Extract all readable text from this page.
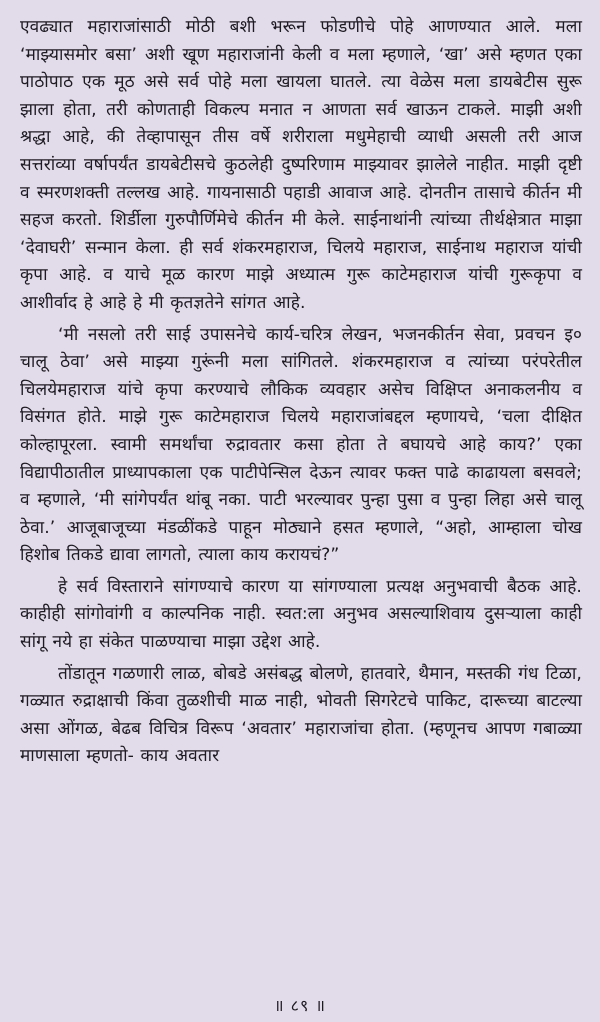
एवढ्यात महाराजांसाठी मोठी बशी भरून फोडणीचे पोहे आणण्यात आले. मला ‘माझ्यासमोर बसा’ अशी खूण महाराजांनी केली व मला म्हणाले, ‘खा’ असे म्हणत एका पाठोपाठ एक मूठ असे सर्व पोहे मला खायला घातले. त्या वेळेस मला डायबेटीस सुरू झाला होता, तरी कोणताही विकल्प मनात न आणता सर्व खाऊन टाकले. माझी अशी श्रद्धा आहे, की तेव्हापासून तीस वर्षे शरीराला मधुमेहाची व्याधी असली तरी आज सत्तरांव्या वर्षापर्यंत डायबेटीसचे कुठलेही दुष्परिणाम माझ्यावर झालेले नाहीत. माझी दृष्टी व स्मरणशक्ती तल्लख आहे. गायनासाठी पहाडी आवाज आहे. दोनतीन तासाचे कीर्तन मी सहज करतो. शिर्डीला गुरुपौर्णिमेचे कीर्तन मी केले. साईनाथांनी त्यांच्या तीर्थक्षेत्रात माझा ‘देवाघरी’ सन्मान केला. ही सर्व शंकरमहाराज, चिलये महाराज, साईनाथ महाराज यांची कृपा आहे. व याचे मूळ कारण माझे अध्यात्म गुरू काटेमहाराज यांची गुरूकृपा व आशीर्वाद हे आहे हे मी कृतज्ञतेने सांगत आहे.

‘मी नसलो तरी साई उपासनेचे कार्य-चरित्र लेखन, भजनकीर्तन सेवा, प्रवचन इ० चालू ठेवा’ असे माझ्या गुरूंनी मला सांगितले. शंकरमहाराज व त्यांच्या परंपरेतील चिलयेमहाराज यांचे कृपा करण्याचे लौकिक व्यवहार असेच विक्षिप्त अनाकलनीय व विसंगत होते. माझे गुरू काटेमहाराज चिलये महाराजांबद्दल म्हणायचे, ‘चला दीक्षित कोल्हापूरला. स्वामी समर्थांचा रुद्रावतार कसा होता ते बघायचे आहे काय?’ एका विद्यापीठातील प्राध्यापकाला एक पाटीपेन्सिल देऊन त्यावर फक्त पाढे काढायला बसवले; व म्हणाले, ‘मी सांगेपर्यंत थांबू नका. पाटी भरल्यावर पुन्हा पुसा व पुन्हा लिहा असे चालू ठेवा.’ आजूबाजूच्या मंडळींकडे पाहून मोठ्याने हसत म्हणाले, “अहो, आम्हाला चोख हिशोब तिकडे द्यावा लागतो, त्याला काय करायचं?”

हे सर्व विस्ताराने सांगण्याचे कारण या सांगण्याला प्रत्यक्ष अनुभवाची बैठक आहे. काहीही सांगोवांगी व काल्पनिक नाही. स्वत:ला अनुभव असल्याशिवाय दुसऱ्याला काही सांगू नये हा संकेत पाळण्याचा माझा उद्देश आहे.

तोंडातून गळणारी लाळ, बोबडे असंबद्ध बोलणे, हातवारे, थैमान, मस्तकी गंध टिळा, गळ्यात रुद्राक्षाची किंवा तुळशीची माळ नाही, भोवती सिगरेटचे पाकिट, दारूच्या बाटल्या असा ओंगळ, बेढब विचित्र विरूप ‘अवतार’ महाराजांचा होता. (म्हणूनच आपण गबाळ्या माणसाला म्हणतो- काय अवतार

॥ ८९ ॥
